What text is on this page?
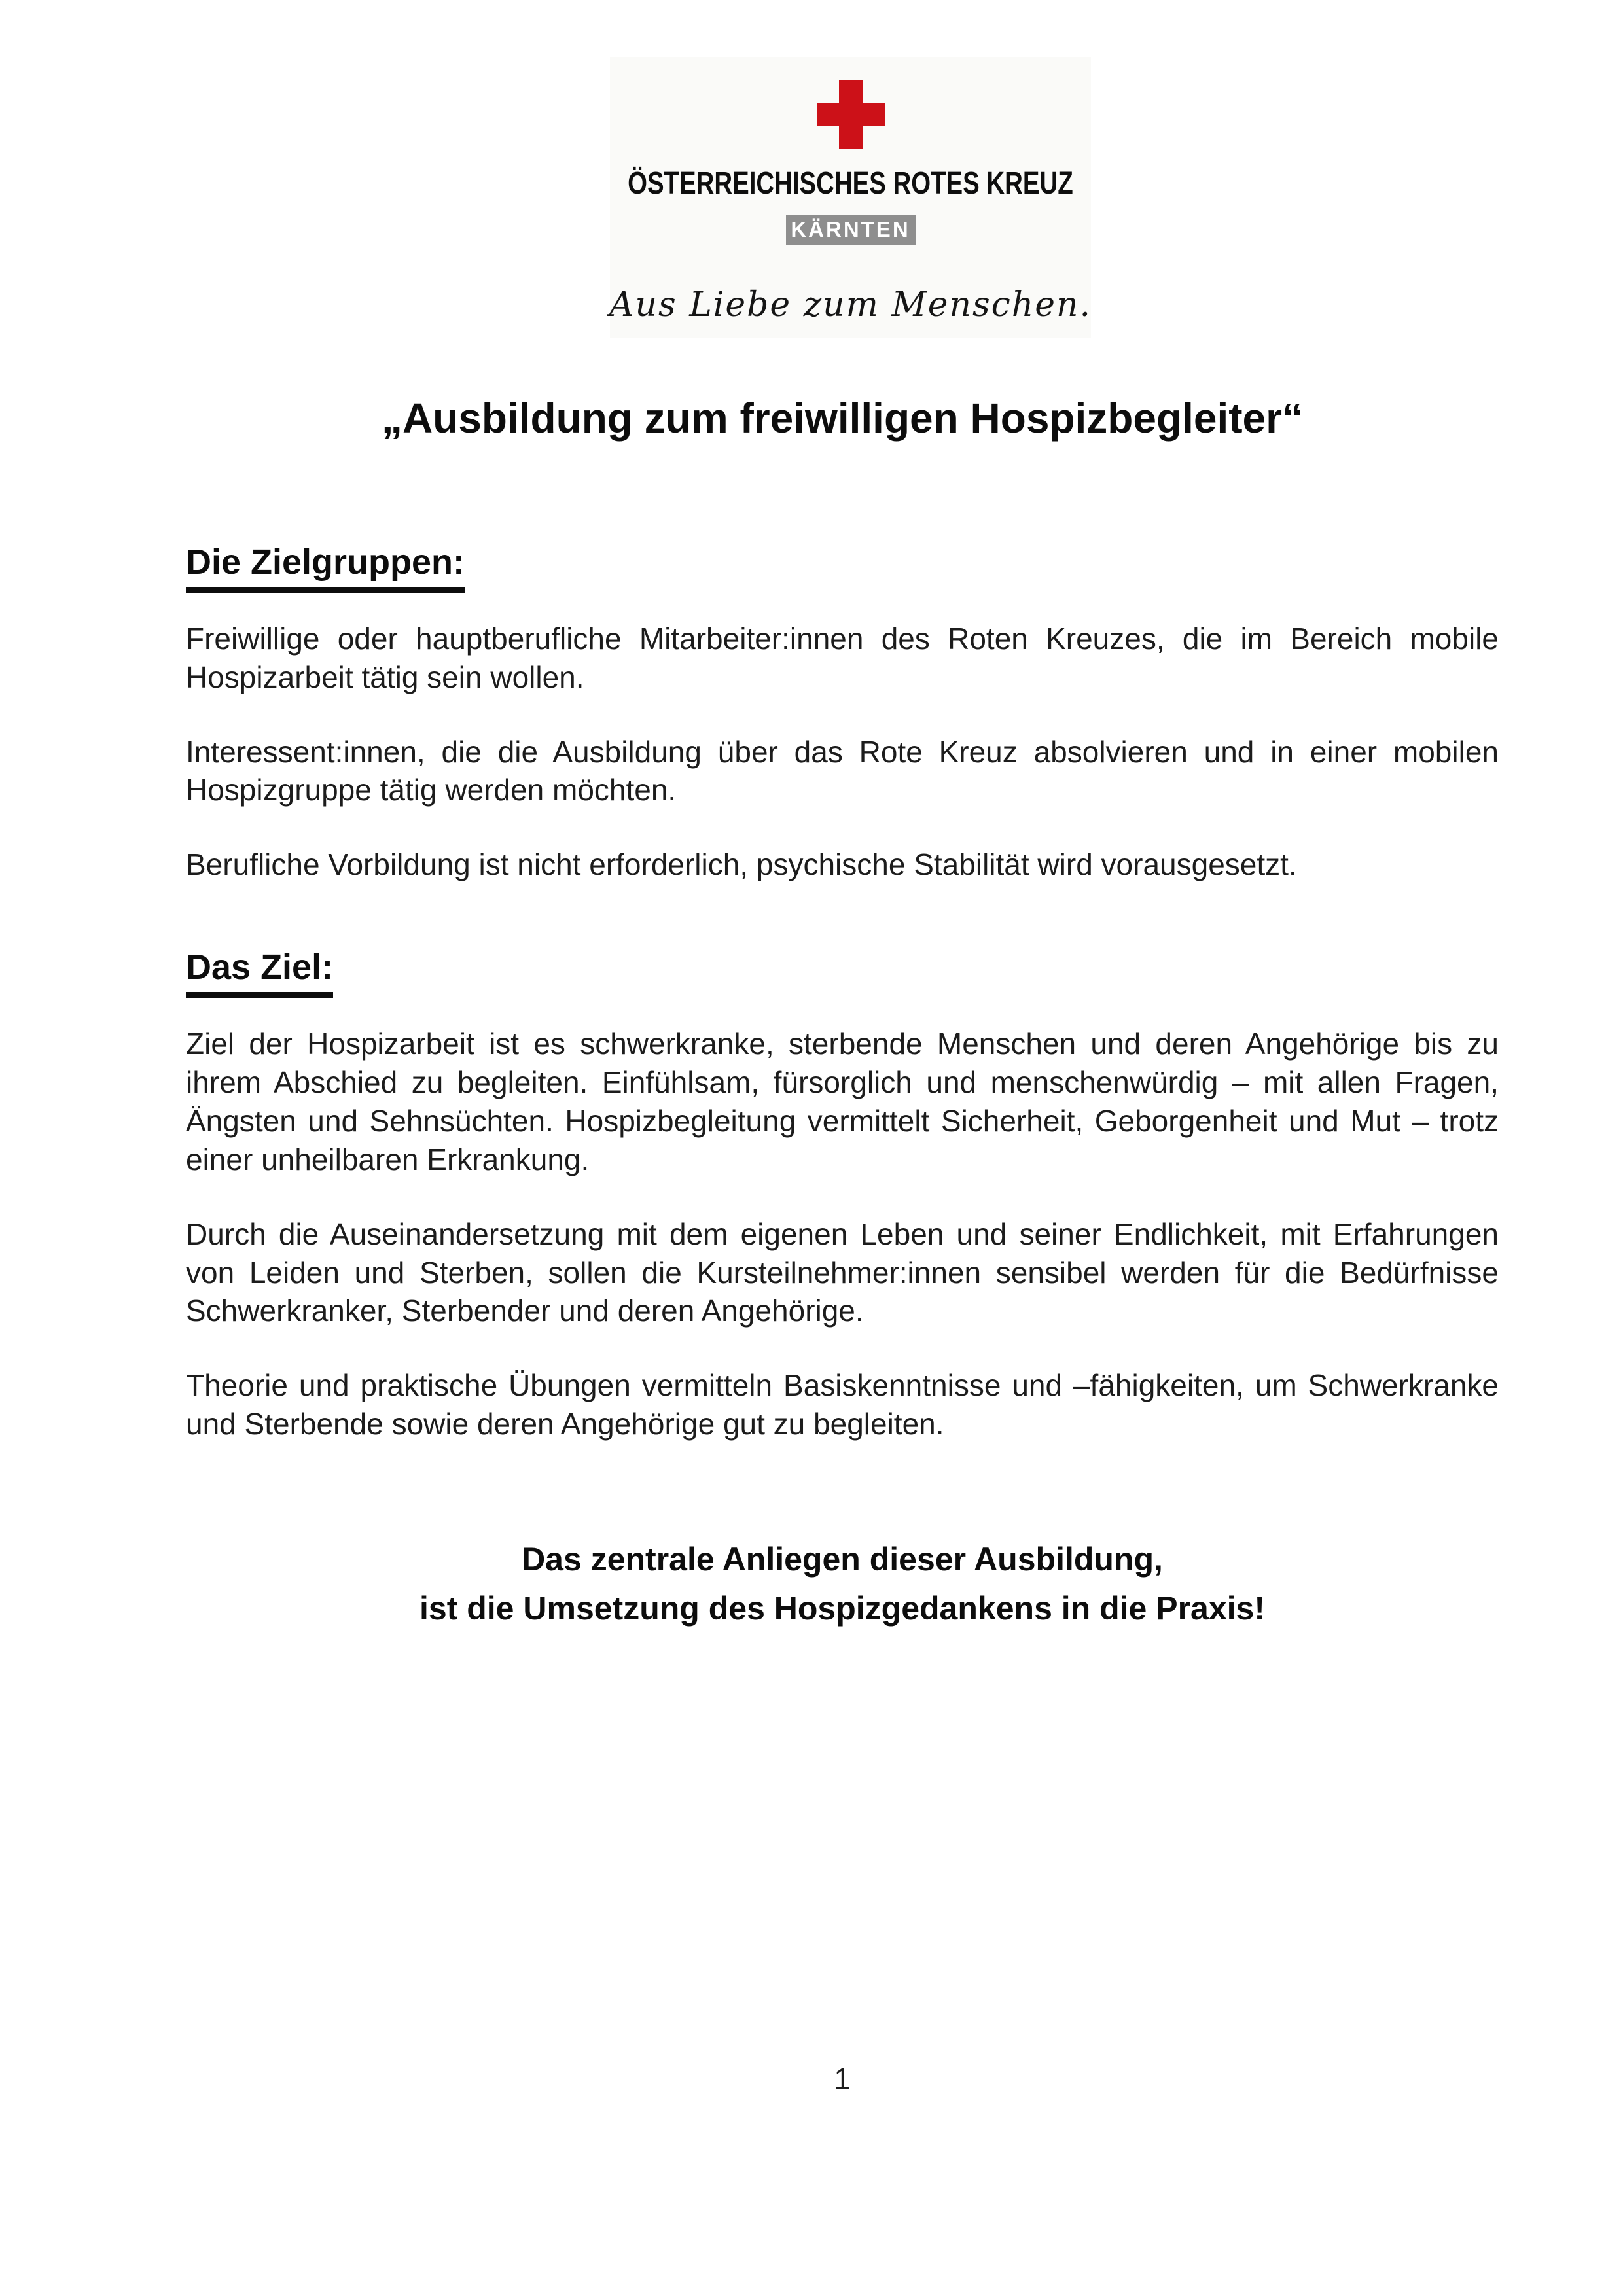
ÖSTERREICHISCHES ROTES KREUZ
KÄRNTEN
Aus Liebe zum Menschen.
„Ausbildung zum freiwilligen Hospizbegleiter“
Die Zielgruppen:

Freiwillige oder hauptberufliche Mitarbeiter:innen des Roten Kreuzes, die im Bereich mobile Hospizarbeit tätig sein wollen.

Interessent:innen, die die Ausbildung über das Rote Kreuz absolvieren und in einer mobilen Hospizgruppe tätig werden möchten.

Berufliche Vorbildung ist nicht erforderlich, psychische Stabilität wird vorausgesetzt.

Das Ziel:

Ziel der Hospizarbeit ist es schwerkranke, sterbende Menschen und deren Angehörige bis zu ihrem Abschied zu begleiten. Einfühlsam, fürsorglich und menschenwürdig – mit allen Fragen, Ängsten und Sehnsüchten. Hospizbegleitung vermittelt Sicherheit, Geborgenheit und Mut – trotz einer unheilbaren Erkrankung.

Durch die Auseinandersetzung mit dem eigenen Leben und seiner Endlichkeit, mit Erfahrungen von Leiden und Sterben, sollen die Kursteilnehmer:innen sensibel werden für die Bedürfnisse Schwerkranker, Sterbender und deren Angehörige.

Theorie und praktische Übungen vermitteln Basiskenntnisse und –fähigkeiten, um Schwerkranke und Sterbende sowie deren Angehörige gut zu begleiten.

Das zentrale Anliegen dieser Ausbildung,
ist die Umsetzung des Hospizgedankens in die Praxis!
1
